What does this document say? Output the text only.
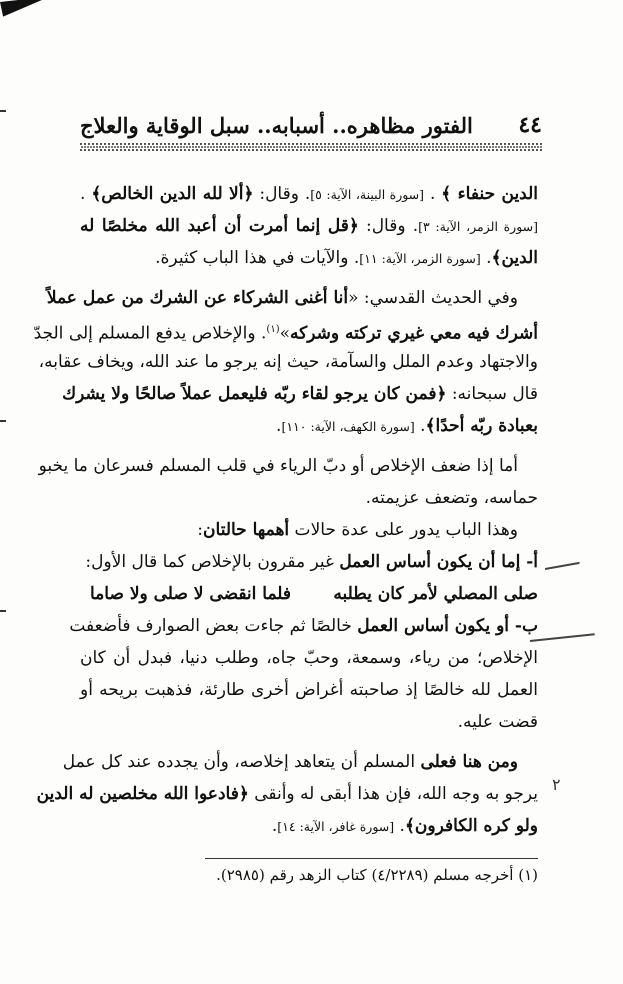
٤٤
الفتور مظاهره.. أسبابه.. سبل الوقاية والعلاج
الدين حنفاء ﴾ . [سورة البينة، الآية: ٥]. وقال: ﴿ألا لله الدين الخالص﴾ .
[سورة الزمر، الآية: ٣]. وقال: ﴿قل إنما أمرت أن أعبد الله مخلصًا له
الدين﴾. [سورة الزمر، الآية: ١١]. والآيات في هذا الباب كثيرة.
وفي الحديث القدسي: «أنا أغنى الشركاء عن الشرك من عمل عملاً
أشرك فيه معي غيري تركته وشركه»$^{(١)}$. والإخلاص يدفع المسلم إلى الجدّ
والاجتهاد وعدم الملل والسآمة، حيث إنه يرجو ما عند الله، ويخاف عقابه،
قال سبحانه: ﴿فمن كان يرجو لقاء ربّه فليعمل عملاً صالحًا ولا يشرك
بعبادة ربّه أحدًا﴾. [سورة الكهف، الآية: ١١٠].
أما إذا ضعف الإخلاص أو دبّ الرياء في قلب المسلم فسرعان ما يخبو
حماسه، وتضعف عزيمته.
وهذا الباب يدور على عدة حالات أهمها حالتان:
أ- إما أن يكون أساس العمل غير مقرون بالإخلاص كما قال الأول:
صلى المصلي لأمر كان يطلبه
فلما انقضى لا صلى ولا صاما
ب- أو يكون أساس العمل خالصًا ثم جاءت بعض الصوارف فأضعفت
الإخلاص؛ من رياء، وسمعة، وحبّ جاه، وطلب دنيا، فبدل أن كان
العمل لله خالصًا إذ صاحبته أغراض أخرى طارئة، فذهبت بريحه أو
قضت عليه.
ومن هنا فعلى المسلم أن يتعاهد إخلاصه، وأن يجدده عند كل عمل
يرجو به وجه الله، فإن هذا أبقى له وأنقى ﴿فادعوا الله مخلصين له الدين
ولو كره الكافرون﴾. [سورة غافر، الآية: ١٤].
٢
(١) أخرجه مسلم (٤/٢٢٨٩) كتاب الزهد رقم (٢٩٨٥).
